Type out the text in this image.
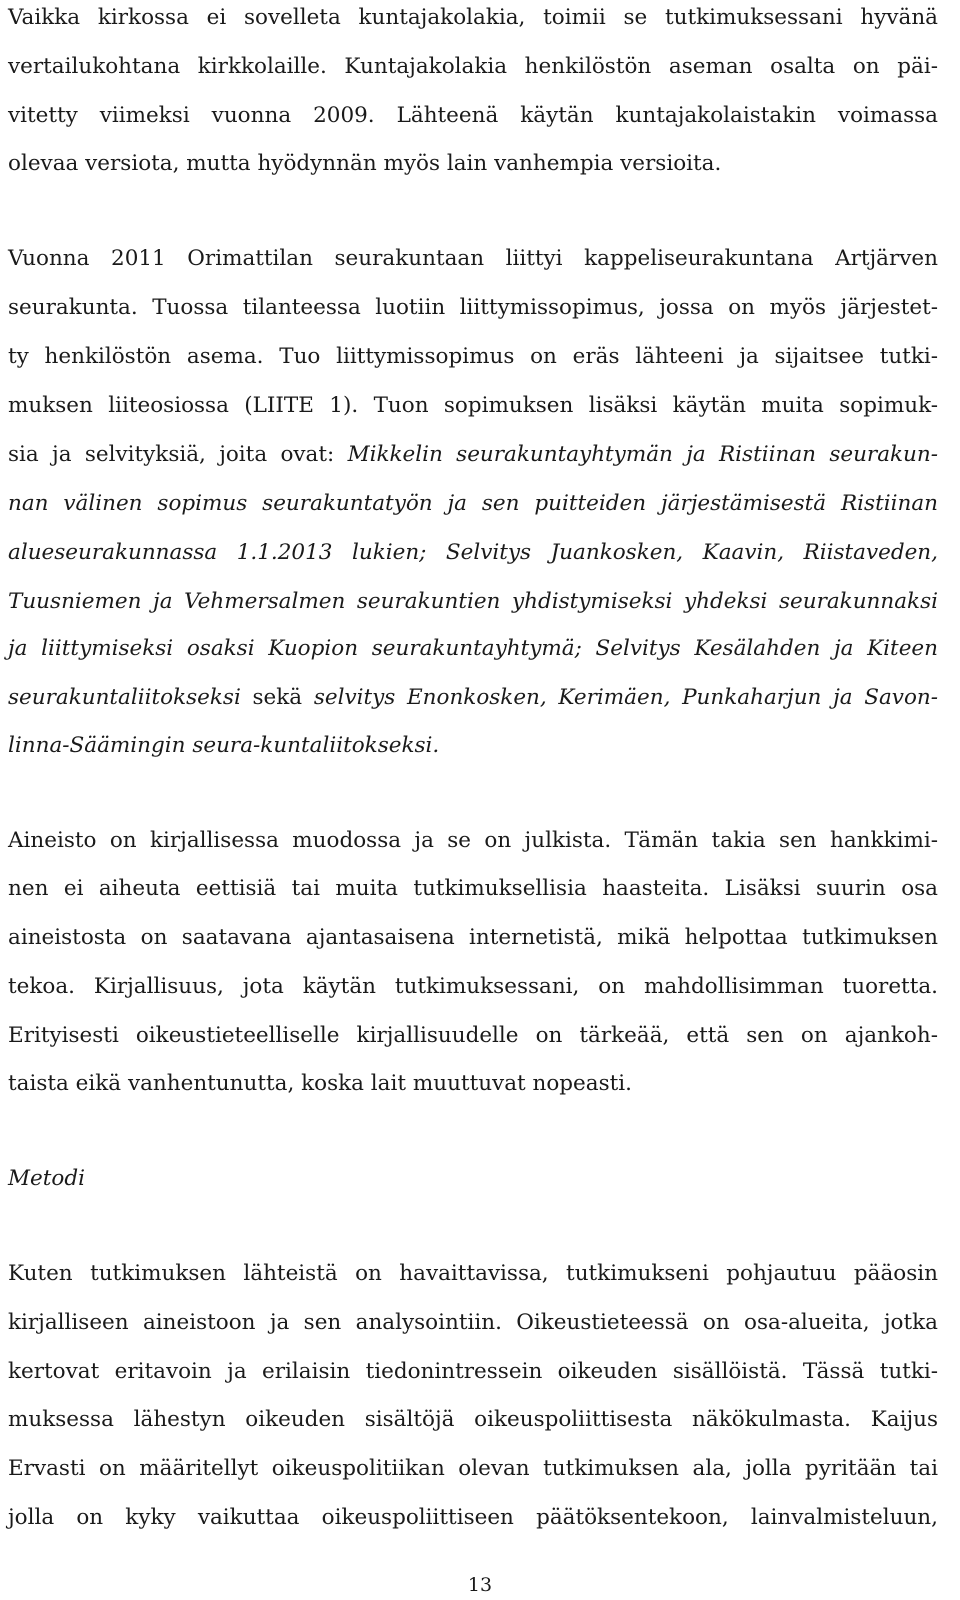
Vaikka kirkossa ei sovelleta kuntajakolakia, toimii se tutkimuksessani hyvänä
vertailukohtana kirkkolaille. Kuntajakolakia henkilöstön aseman osalta on päi-
vitetty viimeksi vuonna 2009. Lähteenä käytän kuntajakolaistakin voimassa
olevaa versiota, mutta hyödynnän myös lain vanhempia versioita.
Vuonna 2011 Orimattilan seurakuntaan liittyi kappeliseurakuntana Artjärven
seurakunta. Tuossa tilanteessa luotiin liittymissopimus, jossa on myös järjestet-
ty henkilöstön asema. Tuo liittymissopimus on eräs lähteeni ja sijaitsee tutki-
muksen liiteosiossa (LIITE 1). Tuon sopimuksen lisäksi käytän muita sopimuk-
sia ja selvityksiä, joita ovat: Mikkelin seurakuntayhtymän ja Ristiinan seurakun-
nan välinen sopimus seurakuntatyön ja sen puitteiden järjestämisestä Ristiinan
alueseurakunnassa 1.1.2013 lukien; Selvitys Juankosken, Kaavin, Riistaveden,
Tuusniemen ja Vehmersalmen seurakuntien yhdistymiseksi yhdeksi seurakunnaksi
ja liittymiseksi osaksi Kuopion seurakuntayhtymä; Selvitys Kesälahden ja Kiteen
seurakuntaliitokseksi sekä selvitys Enonkosken, Kerimäen, Punkaharjun ja Savon-
linna-Säämingin seura-kuntaliitokseksi.
Aineisto on kirjallisessa muodossa ja se on julkista. Tämän takia sen hankkimi-
nen ei aiheuta eettisiä tai muita tutkimuksellisia haasteita. Lisäksi suurin osa
aineistosta on saatavana ajantasaisena internetistä, mikä helpottaa tutkimuksen
tekoa. Kirjallisuus, jota käytän tutkimuksessani, on mahdollisimman tuoretta.
Erityisesti oikeustieteelliselle kirjallisuudelle on tärkeää, että sen on ajankoh-
taista eikä vanhentunutta, koska lait muuttuvat nopeasti.
Metodi
Kuten tutkimuksen lähteistä on havaittavissa, tutkimukseni pohjautuu pääosin
kirjalliseen aineistoon ja sen analysointiin. Oikeustieteessä on osa-alueita, jotka
kertovat eritavoin ja erilaisin tiedonintressein oikeuden sisällöistä. Tässä tutki-
muksessa lähestyn oikeuden sisältöjä oikeuspoliittisesta näkökulmasta. Kaijus
Ervasti on määritellyt oikeuspolitiikan olevan tutkimuksen ala, jolla pyritään tai
jolla on kyky vaikuttaa oikeuspoliittiseen päätöksentekoon, lainvalmisteluun,
13
